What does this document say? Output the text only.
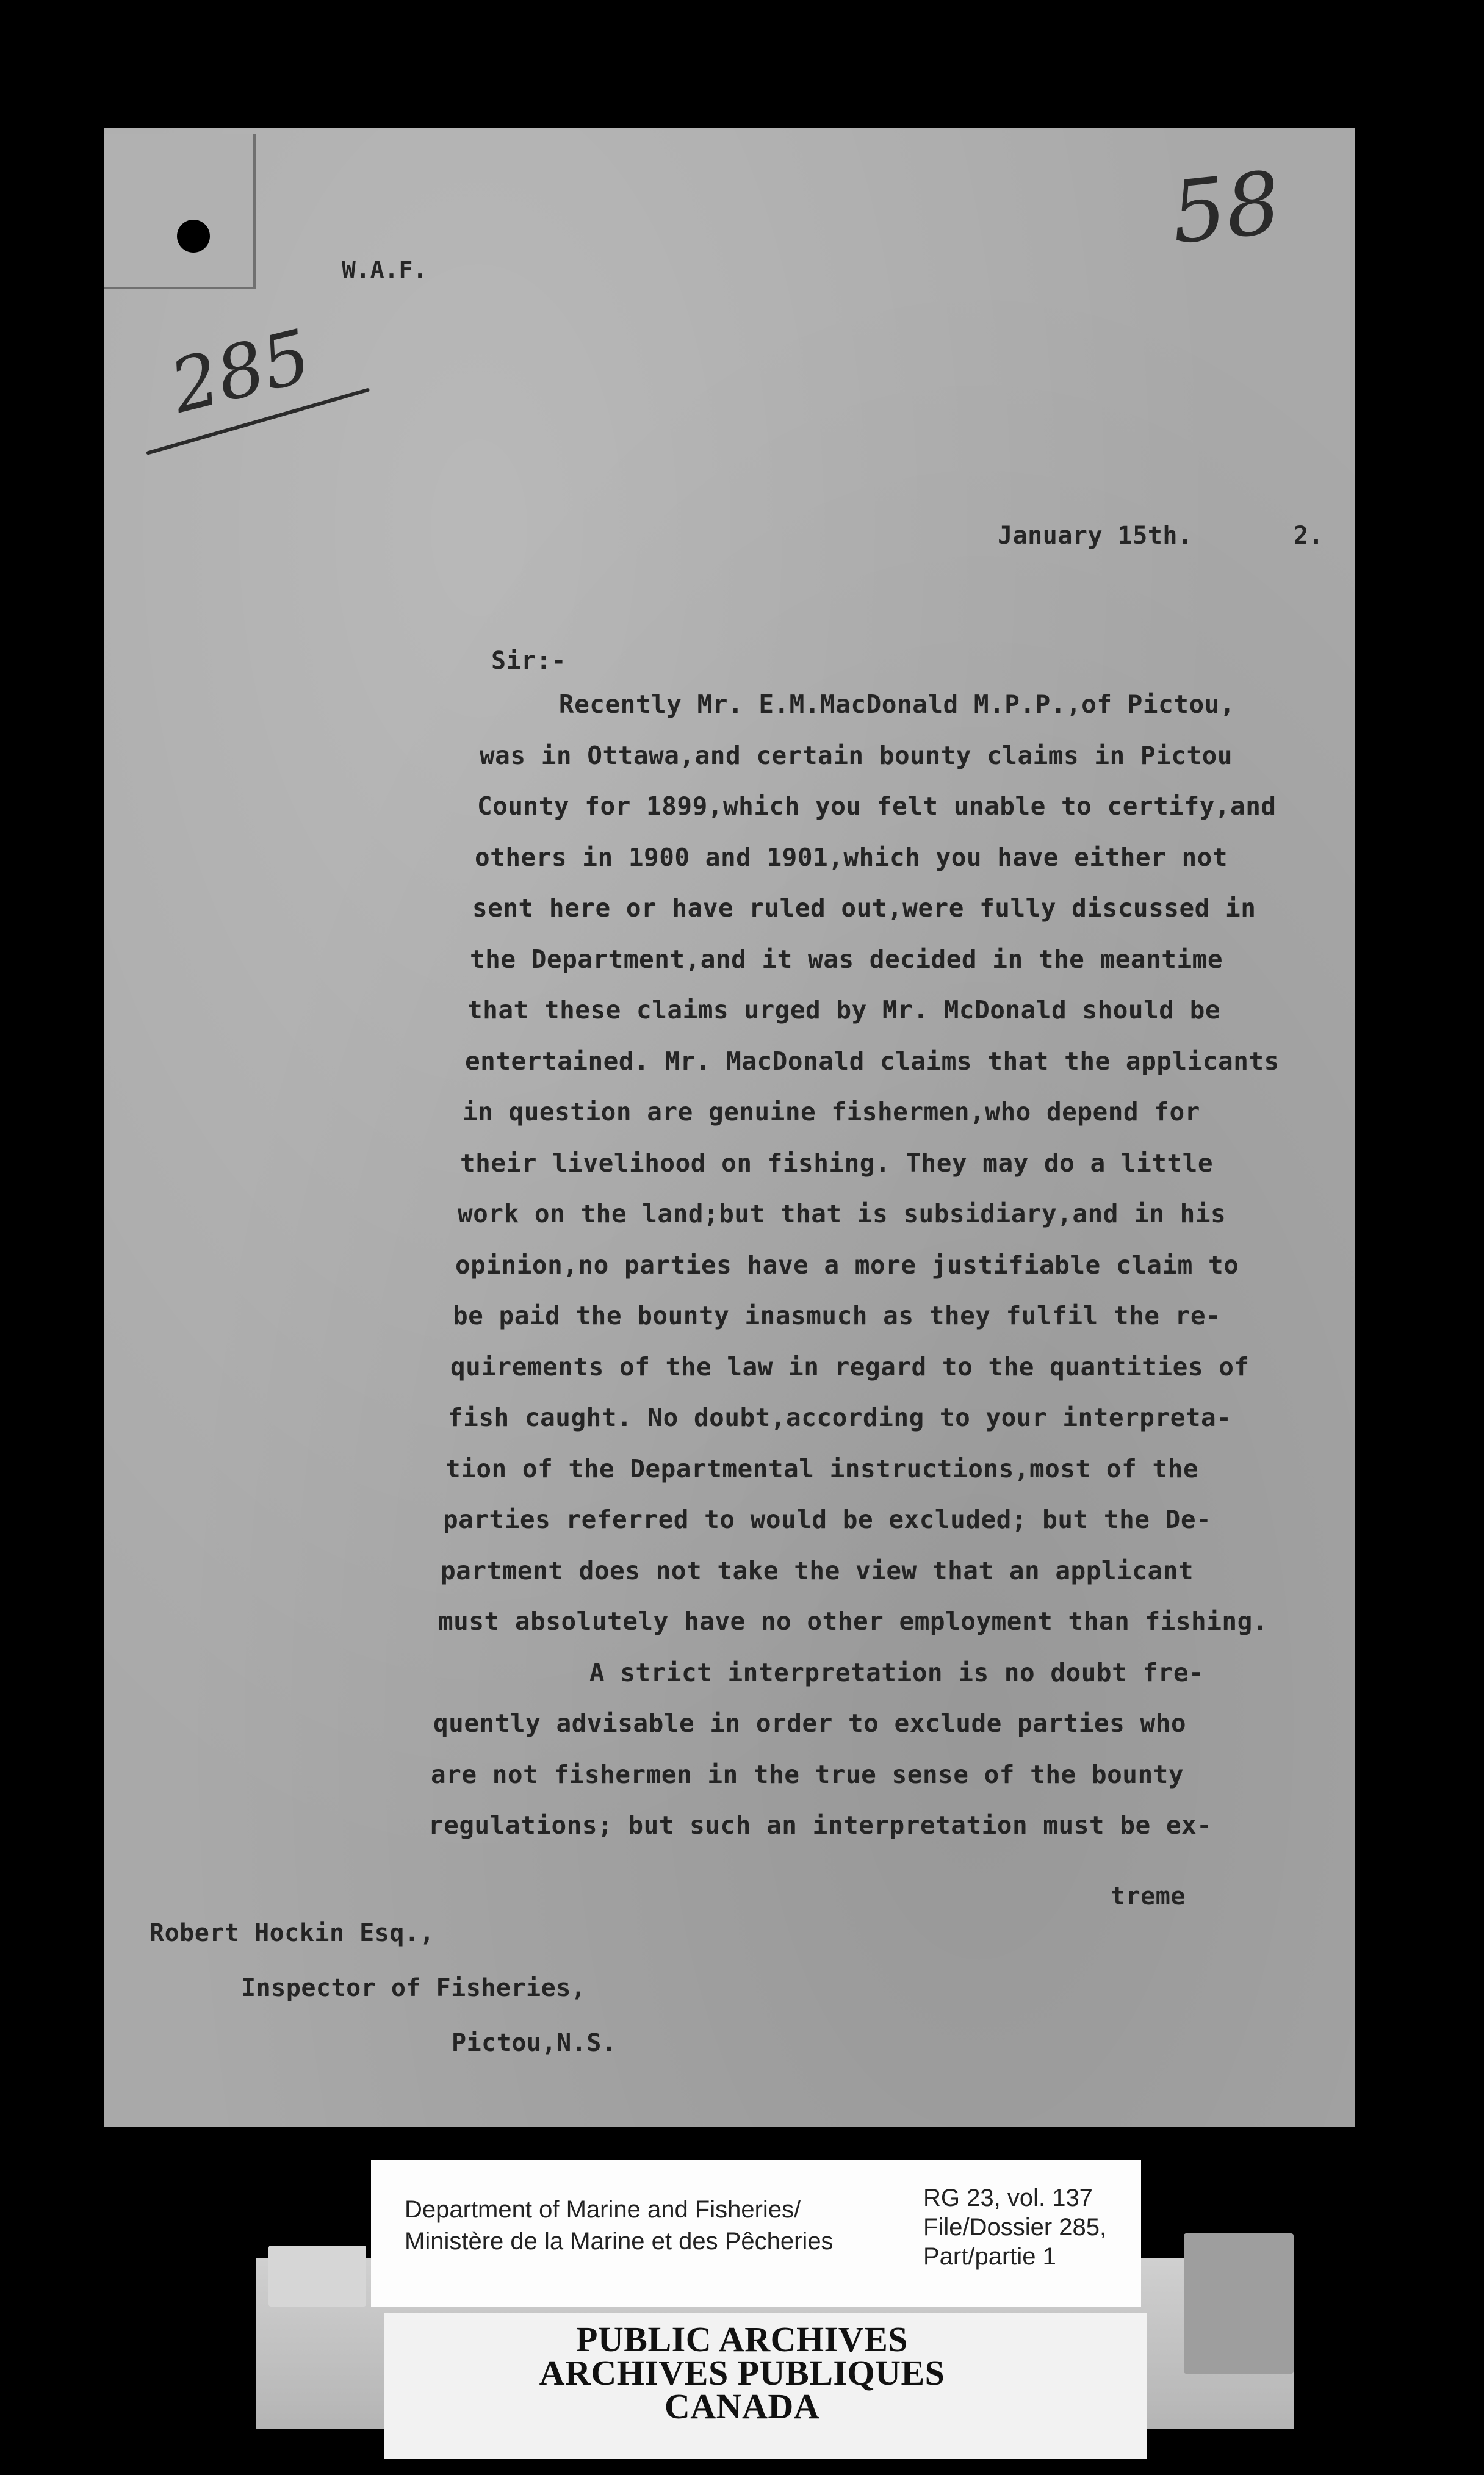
58
285
W.A.F.
January 15th.	2.
Sir:-
Recently Mr. E.M.MacDonald M.P.P.,of Pictou,
was in Ottawa,and certain bounty claims in Pictou
County for 1899,which you felt unable to certify,and
others in 1900 and 1901,which you have either not
sent here or have ruled out,were fully discussed in
the Department,and it was decided in the meantime
that these claims urged by Mr. McDonald should be
entertained. Mr. MacDonald claims that the applicants
in question are genuine fishermen,who depend for
their livelihood on fishing. They may do a little
work on the land;but that is subsidiary,and in his
opinion,no parties have a more justifiable claim to
be paid the bounty inasmuch as they fulfil the re-
quirements of the law in regard to the quantities of
fish caught. No doubt,according to your interpreta-
tion of the Departmental instructions,most of the
parties referred to would be excluded; but the De-
partment does not take the view that an applicant
must absolutely have no other employment than fishing.
A strict interpretation is no doubt fre-
quently advisable in order to exclude parties who
are not fishermen in the true sense of the bounty
regulations; but such an interpretation must be ex-
treme
Robert Hockin Esq.,
Inspector of Fisheries,
Pictou,N.S.
Department of Marine and Fisheries/
Ministère de la Marine et des Pêcheries
RG 23, vol. 137
File/Dossier 285,
Part/partie 1
PUBLIC ARCHIVES
ARCHIVES PUBLIQUES
CANADA
